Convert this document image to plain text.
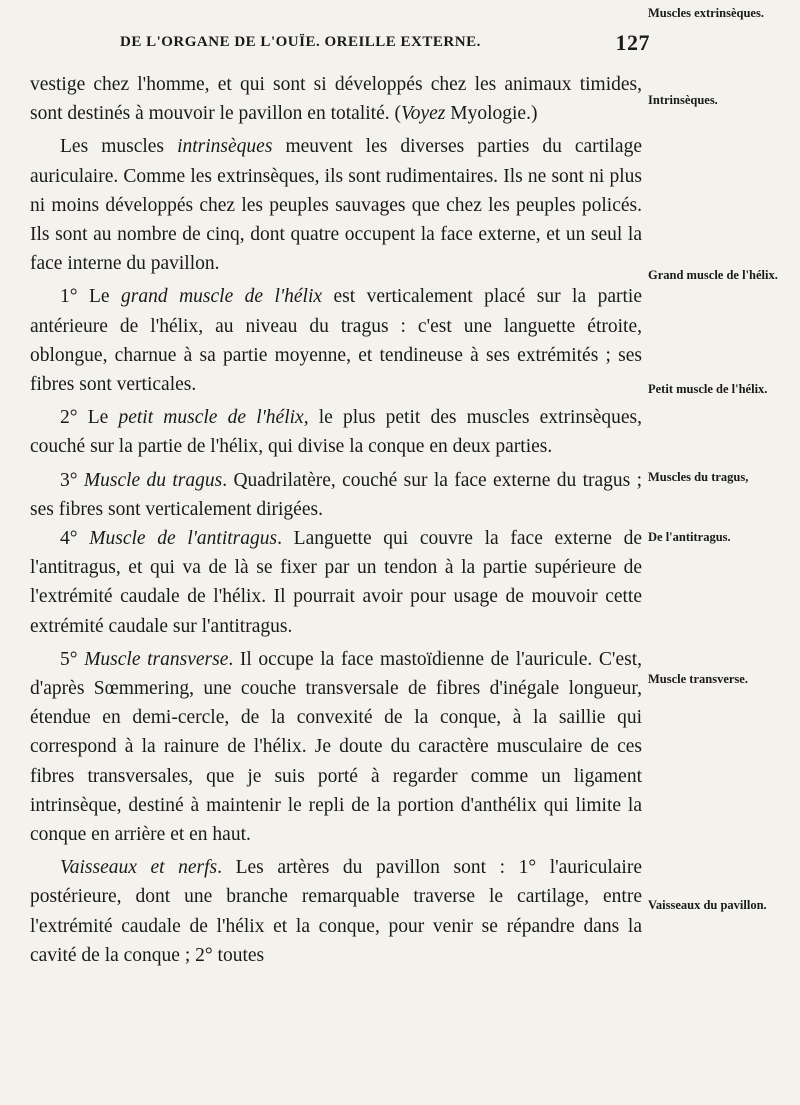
DE L'ORGANE DE L'OUÏE. OREILLE EXTERNE.	127

vestige chez l'homme, et qui sont si développés chez les animaux timides, sont destinés à mouvoir le pavillon en totalité. (Voyez Myologie.)

Les muscles intrinsèques meuvent les diverses parties du cartilage auriculaire. Comme les extrinsèques, ils sont rudimentaires. Ils ne sont ni plus ni moins développés chez les peuples sauvages que chez les peuples policés. Ils sont au nombre de cinq, dont quatre occupent la face externe, et un seul la face interne du pavillon.

1° Le grand muscle de l'hélix est verticalement placé sur la partie antérieure de l'hélix, au niveau du tragus : c'est une languette étroite, oblongue, charnue à sa partie moyenne, et tendineuse à ses extrémités ; ses fibres sont verticales.

2° Le petit muscle de l'hélix, le plus petit des muscles extrinsèques, couché sur la partie de l'hélix, qui divise la conque en deux parties.

3° Muscle du tragus. Quadrilatère, couché sur la face externe du tragus ; ses fibres sont verticalement dirigées.

4° Muscle de l'antitragus. Languette qui couvre la face externe de l'antitragus, et qui va de là se fixer par un tendon à la partie supérieure de l'extrémité caudale de l'hélix. Il pourrait avoir pour usage de mouvoir cette extrémité caudale sur l'antitragus.

5° Muscle transverse. Il occupe la face mastoïdienne de l'auricule. C'est, d'après Sœmmering, une couche transversale de fibres d'inégale longueur, étendue en demi-cercle, de la convexité de la conque, à la saillie qui correspond à la rainure de l'hélix. Je doute du caractère musculaire de ces fibres transversales, que je suis porté à regarder comme un ligament intrinsèque, destiné à maintenir le repli de la portion d'anthélix qui limite la conque en arrière et en haut.

Vaisseaux et nerfs. Les artères du pavillon sont : 1° l'auriculaire postérieure, dont une branche remarquable traverse le cartilage, entre l'extrémité caudale de l'hélix et la conque, pour venir se répandre dans la cavité de la conque ; 2° toutes

Muscles extrinsèques.
Intrinsèques.
Grand muscle de l'hélix.
Petit muscle de l'hélix.
Muscles du tragus,
De l'antitragus.
Muscle transverse.
Vaisseaux du pavillon.
